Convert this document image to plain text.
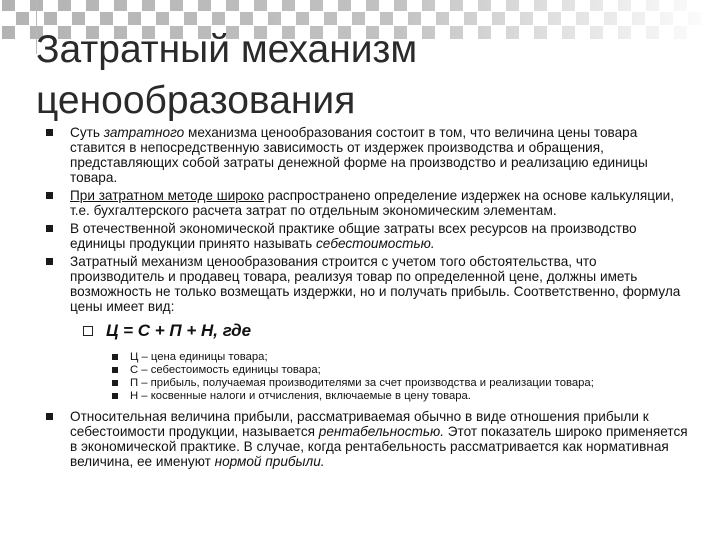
Затратный механизм
ценообразования
Суть затратного механизма ценообразования состоит в том, что величина цены товара ставится в непосредственную зависимость от издержек производства и обращения, представляющих собой затраты денежной форме на производство и реализацию единицы товара.
При затратном методе широко распространено определение издержек на основе калькуляции, т.е. бухгалтерского расчета затрат по отдельным экономическим элементам.
В отечественной экономической практике общие затраты всех ресурсов на производство единицы продукции принято называть себестоимостью.
Затратный механизм ценообразования строится с учетом того обстоятельства, что производитель и продавец товара, реализуя товар по определенной цене, должны иметь возможность не только возмещать издержки, но и получать прибыль. Соответственно, формула цены имеет вид:
Ц = С + П + Н, где
Ц – цена единицы товара;
С – себестоимость единицы товара;
П – прибыль, получаемая производителями за счет производства и реализации товара;
Н – косвенные налоги и отчисления, включаемые в цену товара.
Относительная величина прибыли, рассматриваемая обычно в виде отношения прибыли к себестоимости продукции, называется рентабельностью. Этот показатель широко применяется в экономической практике. В случае, когда рентабельность рассматривается как нормативная величина, ее именуют нормой прибыли.
